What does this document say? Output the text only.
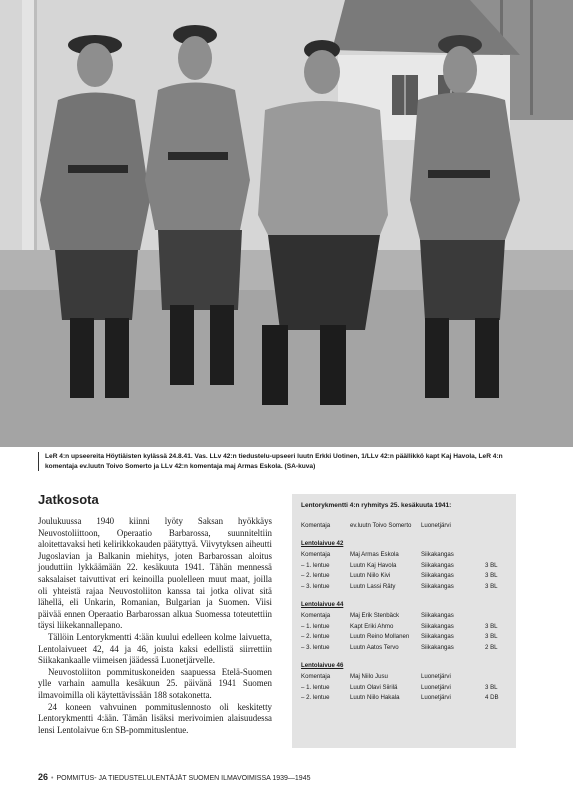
LeR 4:n upseereita Höytiäisten kylässä 24.8.41. Vas. LLv 42:n tiedustelu-upseeri luutn Erkki Uotinen, 1/LLv 42:n päällikkö kapt Kaj Havola, LeR 4:n komentaja ev.luutn Toivo Somerto ja LLv 42:n komentaja maj Armas Eskola. (SA-kuva)
Jatkosota

Joulukuussa 1940 kiinni lyöty Saksan hyökkäys Neuvostoliittoon, Operaatio Barbarossa, suunniteltiin aloitettavaksi heti kelirikkokauden päätyttyä. Viivytyksen aiheutti Jugoslavian ja Balkanin miehitys, joten Barbarossan aloitus jouduttiin lykkäämään 22. kesäkuuta 1941. Tähän mennessä saksalaiset taivuttivat eri keinoilla puolelleen muut maat, joilla oli yhteistä rajaa Neuvostoliiton kanssa tai jotka olivat sitä lähellä, eli Unkarin, Romanian, Bulgarian ja Suomen. Viisi päivää ennen Operaatio Barbarossan alkua Suomessa toteutettiin täysi liikekannallepano.

Tällöin Lentorykmentti 4:ään kuului edelleen kolme laivuetta, Lentolaivueet 42, 44 ja 46, joista kaksi edellistä siirrettiin Siikakankaalle viimeisen jäädessä Luonetjärvelle.

Neuvostoliiton pommituskoneiden saapuessa Etelä-Suomen ylle varhain aamulla kesäkuun 25. päivänä 1941 Suomen ilmavoimilla oli käytettävissään 188 sotakonetta.

24 koneen vahvuinen pommituslennosto oli keskitetty Lentorykmentti 4:ään. Tämän lisäksi merivoimien alaisuudessa lensi Lentolaivue 6:n SB-pommituslentue.

Lentorykmentti 4:n ryhmitys 25. kesäkuuta 1941:
Komentaja	ev.luutn Toivo Somerto	Luonetjärvi
Lentolaivue 42
Komentaja	Maj Armas Eskola	Siikakangas
– 1. lentue	Luutn Kaj Havola	Siikakangas	3 BL
– 2. lentue	Luutn Niilo Kivi	Siikakangas	3 BL
– 3. lentue	Luutn Lassi Räty	Siikakangas	3 BL
Lentolaivue 44
Komentaja	Maj Erik Stenbäck	Siikakangas
– 1. lentue	Kapt Eriki Ahmo	Siikakangas	3 BL
– 2. lentue	Luutn Reino Mollanen	Siikakangas	3 BL
– 3. lentue	Luutn Aatos Tervo	Siikakangas	2 BL
Lentolaivue 46
Komentaja	Maj Niilo Jusu	Luonetjärvi
– 1. lentue	Luutn Olavi Siirilä	Luonetjärvi	3 BL
– 2. lentue	Luutn Niilo Hakala	Luonetjärvi	4 DB
26 • POMMITUS- JA TIEDUSTELULENTÄJÄT SUOMEN ILMAVOIMISSA 1939—1945
